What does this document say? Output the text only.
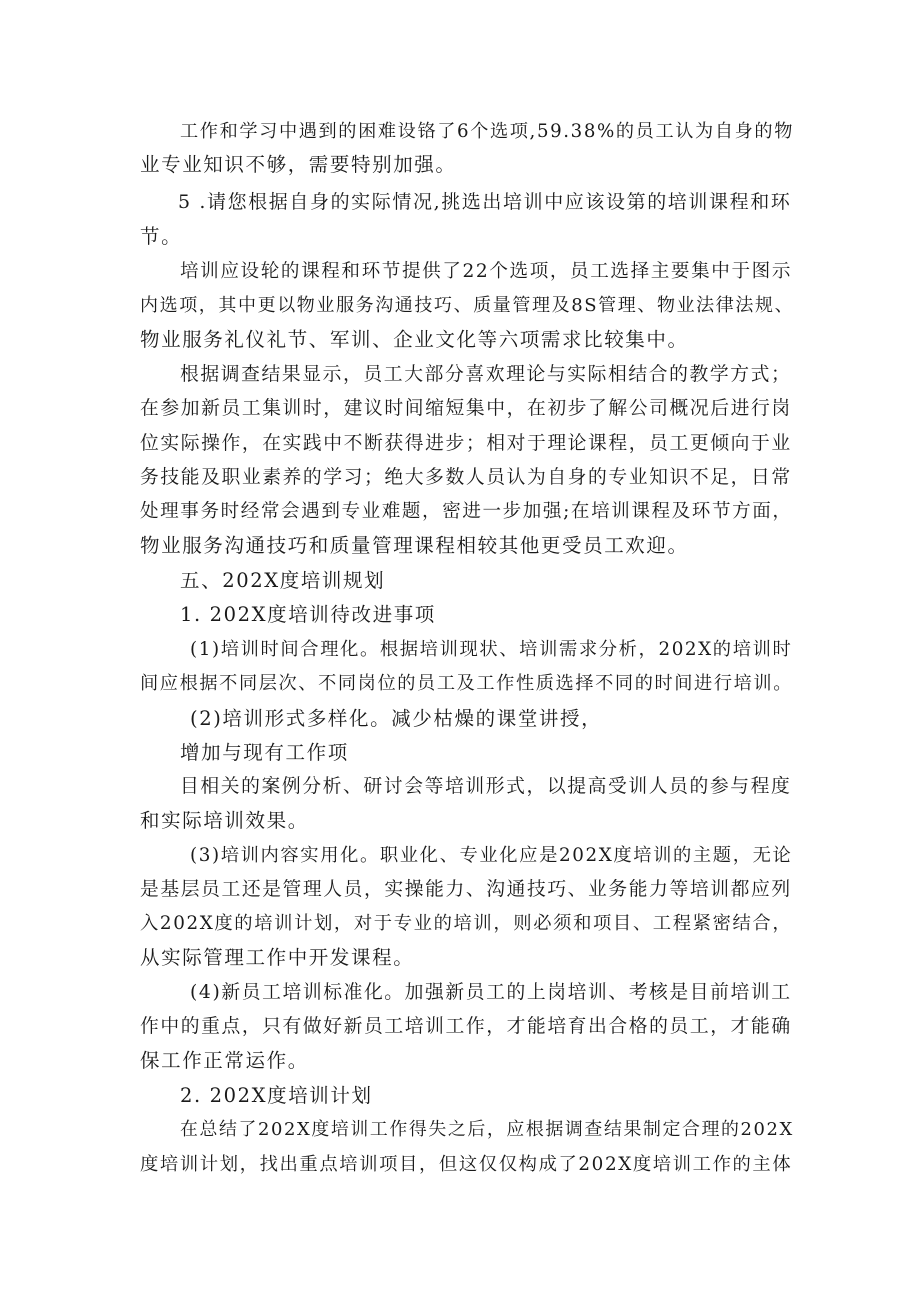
工作和学习中遇到的困难设铬了6个选项,59.38%的员工认为自身的物
业专业知识不够，需要特别加强。
5 .请您根据自身的实际情况,挑选出培训中应该设第的培训课程和环
节。
培训应设轮的课程和环节提供了22个选项，员工选择主要集中于图示
内选项，其中更以物业服务沟通技巧、质量管理及8S管理、物业法律法规、
物业服务礼仪礼节、军训、企业文化等六项需求比较集中。
根据调查结果显示，员工大部分喜欢理论与实际相结合的教学方式；
在参加新员工集训时，建议时间缩短集中，在初步了解公司概况后进行岗
位实际操作，在实践中不断获得进步；相对于理论课程，员工更倾向于业
务技能及职业素养的学习；绝大多数人员认为自身的专业知识不足，日常
处理事务时经常会遇到专业难题，密进一步加强;在培训课程及环节方面，
物业服务沟通技巧和质量管理课程相较其他更受员工欢迎。
五、202X度培训规划
1. 202X度培训待改进事项
(1)培训时间合理化。根据培训现状、培训需求分析，202X的培训时
间应根据不同层次、不同岗位的员工及工作性质选择不同的时间进行培训。
(2)培训形式多样化。减少枯燥的课堂讲授，
增加与现有工作项
目相关的案例分析、研讨会等培训形式，以提高受训人员的参与程度
和实际培训效果。
(3)培训内容实用化。职业化、专业化应是202X度培训的主题，无论
是基层员工还是管理人员，实操能力、沟通技巧、业务能力等培训都应列
入202X度的培训计划，对于专业的培训，则必须和项目、工程紧密结合，
从实际管理工作中开发课程。
(4)新员工培训标准化。加强新员工的上岗培训、考核是目前培训工
作中的重点，只有做好新员工培训工作，才能培育出合格的员工，才能确
保工作正常运作。
2. 202X度培训计划
在总结了202X度培训工作得失之后，应根据调查结果制定合理的202X
度培训计划，找出重点培训项目，但这仅仅构成了202X度培训工作的主体
